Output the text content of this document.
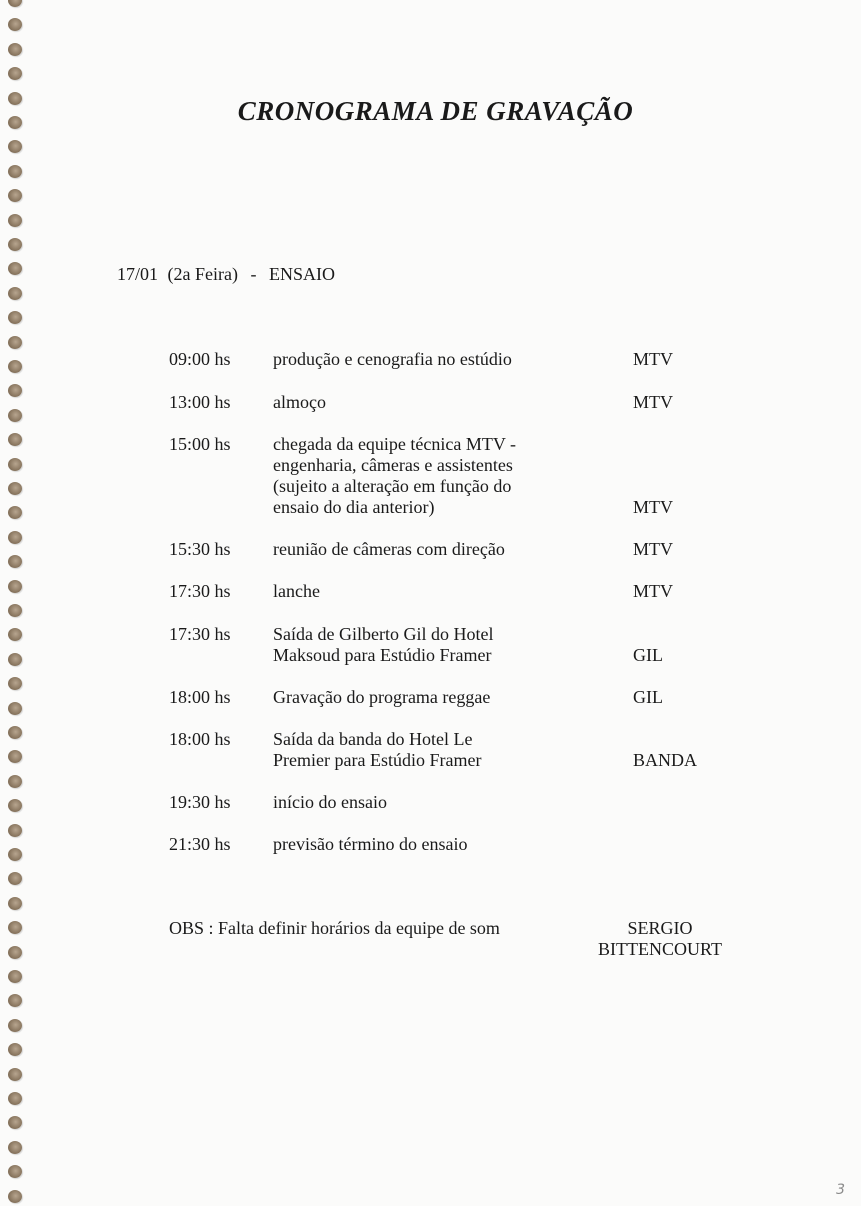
CRONOGRAMA DE GRAVAÇÃO
17/01 (2a Feira) - ENSAIO
09:00 hs	produção e cenografia no estúdio	MTV
13:00 hs	almoço	MTV
15:00 hs	chegada da equipe técnica MTV -
engenharia, câmeras e assistentes
(sujeito a alteração em função do
ensaio do dia anterior)	MTV
15:30 hs	reunião de câmeras com direção	MTV
17:30 hs	lanche	MTV
17:30 hs	Saída de Gilberto Gil do Hotel
Maksoud para Estúdio Framer	GIL
18:00 hs	Gravação do programa reggae	GIL
18:00 hs	Saída da banda do Hotel Le
Premier para Estúdio Framer	BANDA
19:30 hs	início do ensaio
21:30 hs	previsão término do ensaio
OBS : Falta definir horários da equipe de som	SERGIO
BITTENCOURT
3
